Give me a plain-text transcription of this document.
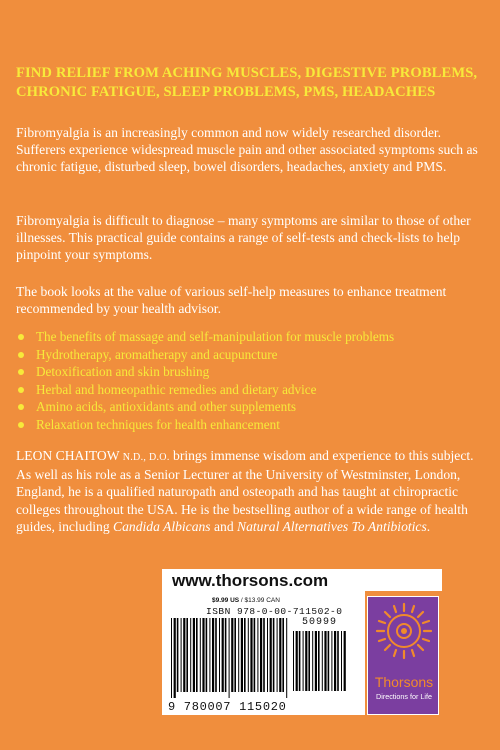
FIND RELIEF FROM ACHING MUSCLES, DIGESTIVE PROBLEMS, CHRONIC FATIGUE, SLEEP PROBLEMS, PMS, HEADACHES
Fibromyalgia is an increasingly common and now widely researched disorder. Sufferers experience widespread muscle pain and other associated symptoms such as chronic fatigue, disturbed sleep, bowel disorders, headaches, anxiety and PMS.
Fibromyalgia is difficult to diagnose – many symptoms are similar to those of other illnesses. This practical guide contains a range of self-tests and check-lists to help pinpoint your symptoms.
The book looks at the value of various self-help measures to enhance treatment recommended by your health advisor.
The benefits of massage and self-manipulation for muscle problems
Hydrotherapy, aromatherapy and acupuncture
Detoxification and skin brushing
Herbal and homeopathic remedies and dietary advice
Amino acids, antioxidants and other supplements
Relaxation techniques for health enhancement
LEON CHAITOW N.D., D.O. brings immense wisdom and experience to this subject. As well as his role as a Senior Lecturer at the University of Westminster, London, England, he is a qualified naturopath and osteopath and has taught at chiropractic colleges throughout the USA. He is the bestselling author of a wide range of health guides, including Candida Albicans and Natural Alternatives To Antibiotics.
www.thorsons.com
$9.99 US / $13.99 CAN
ISBN 978-0-00-711502-0
50999
9 780007 115020
Thorsons
Directions for Life
